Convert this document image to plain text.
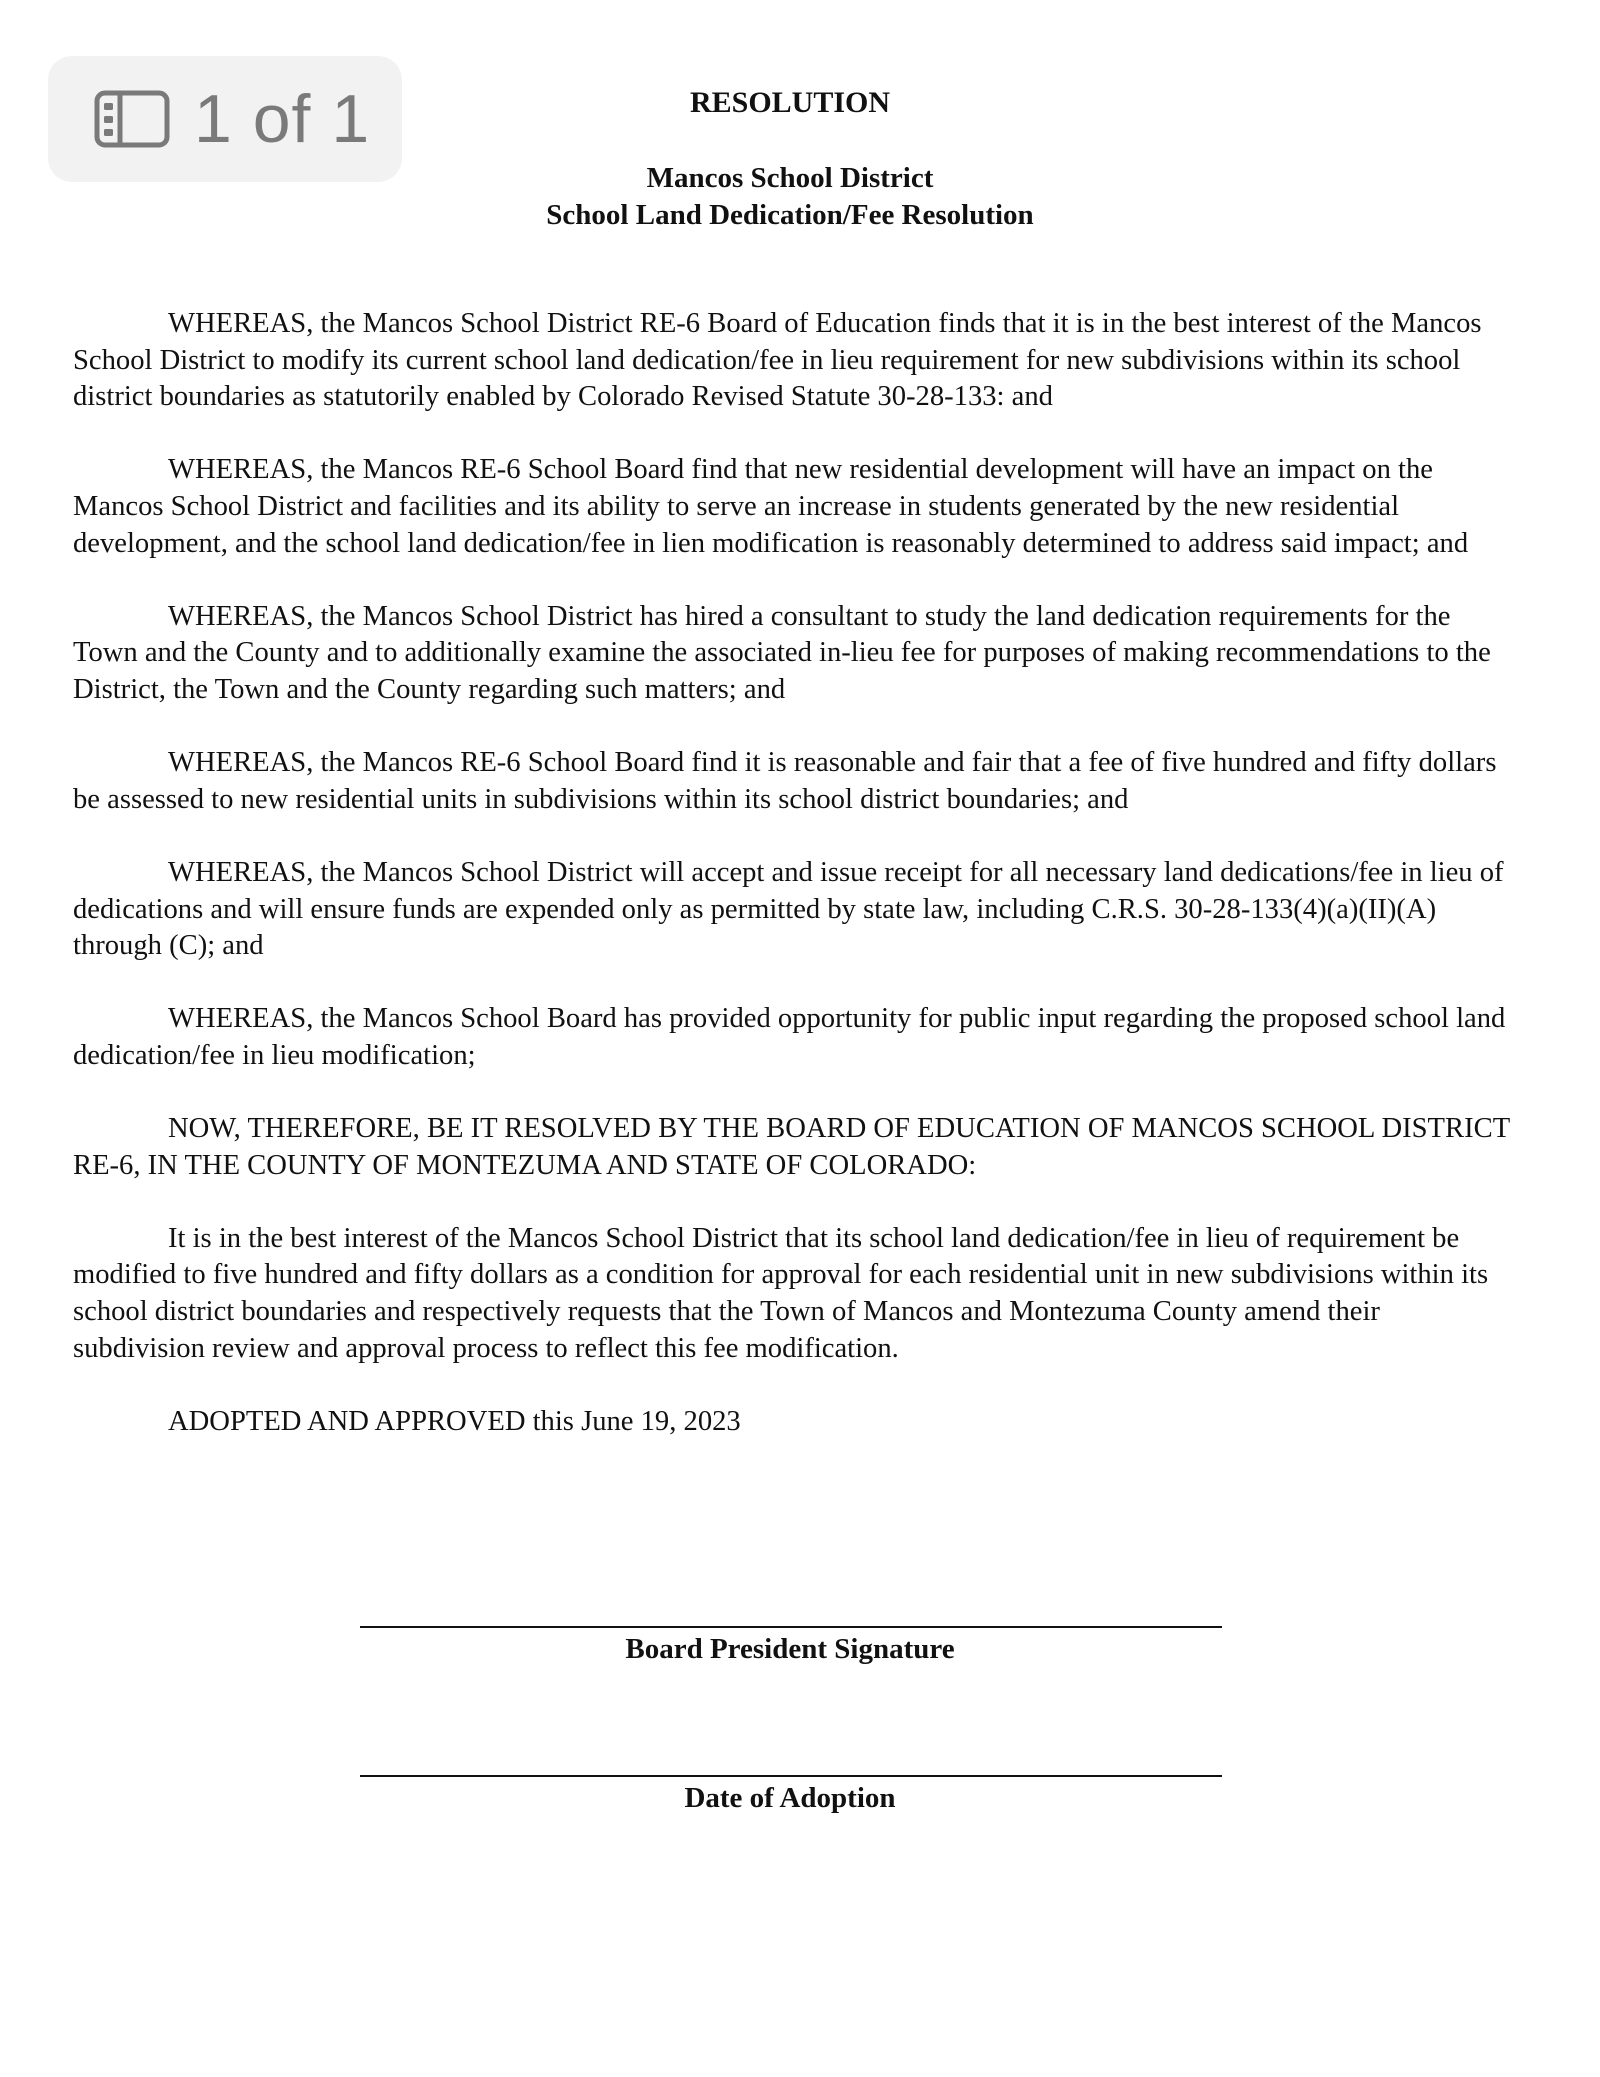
1 of 1	RESOLUTION
Mancos School District
School Land Dedication/Fee Resolution

WHEREAS, the Mancos School District RE-6 Board of Education finds that it is in the best interest of the Mancos School District to modify its current school land dedication/fee in lieu requirement for new subdivisions within its school district boundaries as statutorily enabled by Colorado Revised Statute 30-28-133: and

WHEREAS, the Mancos RE-6 School Board find that new residential development will have an impact on the Mancos School District and facilities and its ability to serve an increase in students generated by the new residential development, and the school land dedication/fee in lien modification is reasonably determined to address said impact; and

WHEREAS, the Mancos School District has hired a consultant to study the land dedication requirements for the Town and the County and to additionally examine the associated in-lieu fee for purposes of making recommendations to the District, the Town and the County regarding such matters; and

WHEREAS, the Mancos RE-6 School Board find it is reasonable and fair that a fee of five hundred and fifty dollars be assessed to new residential units in subdivisions within its school district boundaries; and

WHEREAS, the Mancos School District will accept and issue receipt for all necessary land dedications/fee in lieu of dedications and will ensure funds are expended only as permitted by state law, including C.R.S. 30-28-133(4)(a)(II)(A) through (C); and

WHEREAS, the Mancos School Board has provided opportunity for public input regarding the proposed school land dedication/fee in lieu modification;

NOW, THEREFORE, BE IT RESOLVED BY THE BOARD OF EDUCATION OF MANCOS SCHOOL DISTRICT RE-6, IN THE COUNTY OF MONTEZUMA AND STATE OF COLORADO:

It is in the best interest of the Mancos School District that its school land dedication/fee in lieu of requirement be modified to five hundred and fifty dollars as a condition for approval for each residential unit in new subdivisions within its school district boundaries and respectively requests that the Town of Mancos and Montezuma County amend their subdivision review and approval process to reflect this fee modification.

ADOPTED AND APPROVED this June 19, 2023

Board President Signature

Date of Adoption
